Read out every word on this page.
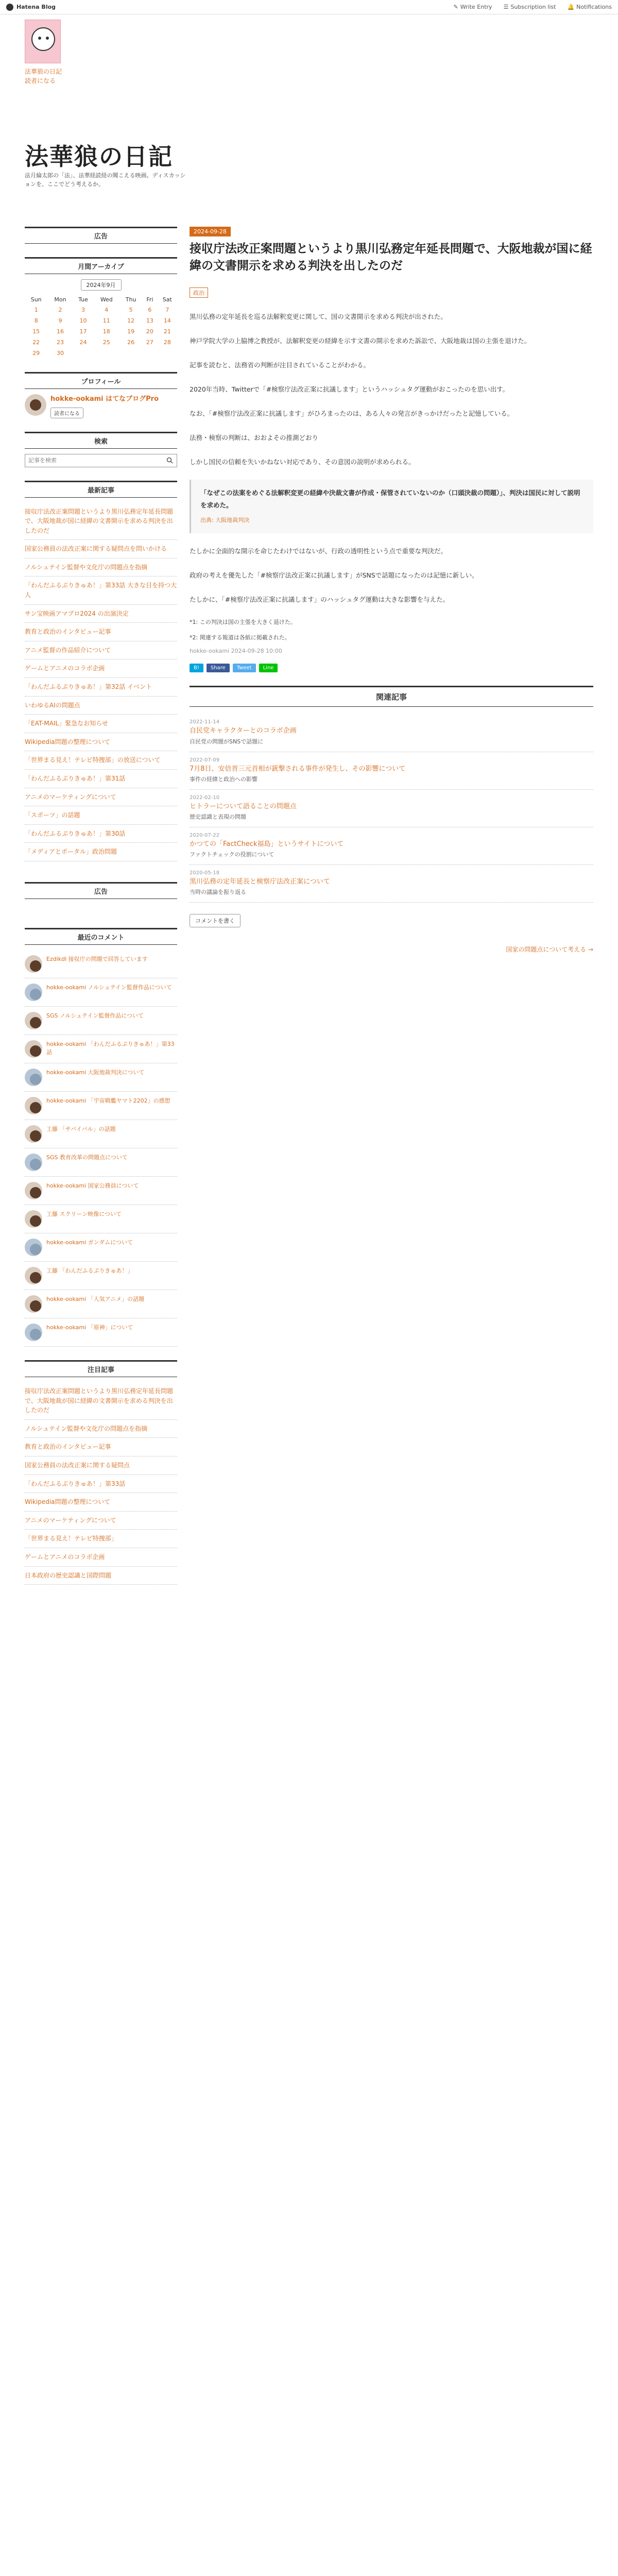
Hatena Blog	✎ Write Entry ☰ Subscription list 🔔 Notifications
法華狼の日記
読者になる
法華狼の日記
法月綸太郎の「法」、法華経読経の聞こえる映画。ディスカッションを、ここでどう考えるか。
広告
月間アーカイブ
2024年9月
Sun	Mon	Tue	Wed	Thu	Fri	Sat
1	2	3	4	5	6	7
8	9	10	11	12	13	14
15	16	17	18	19	20	21
22	23	24	25	26	27	28
29	30					
プロフィール
hokke-ookami はてなブログPro
読者になる
検索
記事を検索
最新記事
接収庁法改正案問題というより黒川弘務定年延長問題で、大阪地裁が国に経緯の文書開示を求める判決を出したのだ
国家公務員の法改正案に関する疑問点を問いかける
ノルシュテイン監督や文化庁の問題点を指摘
「わんだふるぷりきゅあ！」第33話 大きな目を持つ大人
サン宝映画アマプロ2024 の出演決定
教育と政治のインタビュー記事
アニメ監督の作品紹介について
ゲームとアニメのコラボ企画
「わんだふるぷりきゅあ！」第32話 イベント
いわゆるAIの問題点
「EAT-MAIL」緊急なお知らせ
Wikipedia問題の整理について
「世界まる見え！テレビ特捜部」の放送について
「わんだふるぷりきゅあ！」第31話
アニメのマーケティングについて
「スポーツ」の話題
「わんだふるぷりきゅあ！」第30話
「メディアとポータル」政治問題
広告
最近のコメント
Ezdikdl 接収庁の問題で回答しています
hokke-ookami ノルシュテイン監督作品について
SGS ノルシュテイン監督作品について
hokke-ookami 「わんだふるぷりきゅあ！」第33話
hokke-ookami 大阪地裁判決について
hokke-ookami 「宇宙戦艦ヤマト2202」の感想
工藤 「サバイバル」の話題
SGS 教育改革の問題点について
hokke-ookami 国家公務員について
工藤 スクリーン映像について
hokke-ookami ガンダムについて
工藤 「わんだふるぷりきゅあ！」
hokke-ookami 「人気アニメ」の話題
hokke-ookami 「原神」について
注目記事
接収庁法改正案問題というより黒川弘務定年延長問題で、大阪地裁が国に経緯の文書開示を求める判決を出したのだ
ノルシュテイン監督や文化庁の問題点を指摘
教育と政治のインタビュー記事
国家公務員の法改正案に関する疑問点
「わんだふるぷりきゅあ！」第33話
Wikipedia問題の整理について
アニメのマーケティングについて
「世界まる見え！テレビ特捜部」
ゲームとアニメのコラボ企画
日本政府の歴史認識と国際問題
2024-09-28
接収庁法改正案問題というより黒川弘務定年延長問題で、大阪地裁が国に経緯の文書開示を求める判決を出したのだ
政治

黒川弘務の定年延長を巡る法解釈変更に関して、国の文書開示を求める判決が出された。

神戸学院大学の上脇博之教授が、法解釈変更の経緯を示す文書の開示を求めた訴訟で、大阪地裁は国の主張を退けた。

記事を読むと、法務省の判断が注目されていることがわかる。

2020年当時、Twitterで「#検察庁法改正案に抗議します」というハッシュタグ運動がおこったのを思い出す。

なお、「#検察庁法改正案に抗議します」がひろまったのは、ある人々の発言がきっかけだったと記憶している。

法務・検察の判断は、おおよその推測どおり

しかし国民の信頼を失いかねない対応であり、その意図の説明が求められる。

「なぜこの法案をめぐる法解釈変更の経緯や決裁文書が作成・保管されていないのか（口頭決裁の問題）」、判決は国民に対して説明を求めた。
出典: 大阪地裁判決

たしかに全面的な開示を命じたわけではないが、行政の透明性という点で重要な判決だ。

政府の考えを優先した「#検察庁法改正案に抗議します」がSNSで話題になったのは記憶に新しい。

たしかに、「#検察庁法改正案に抗議します」のハッシュタグ運動は大きな影響を与えた。

*1: この判決は国の主張を大きく退けた。

*2: 関連する報道は各紙に掲載された。

hokke-ookami 2024-09-28 10:00
B!	Share	Tweet	Line
関連記事
2022-11-14
自民党キャラクターとのコラボ企画
自民党の問題がSNSで話題に
2022-07-09
7月8日、安倍晋三元首相が銃撃される事件が発生し、その影響について
事件の経緯と政治への影響
2022-02-10
ヒトラーについて語ることの問題点
歴史認識と表現の問題
2020-07-22
かつての「FactCheck福島」というサイトについて
ファクトチェックの役割について
2020-05-18
黒川弘務の定年延長と検察庁法改正案について
当時の議論を振り返る
コメントを書く
国家の問題点について考える →
